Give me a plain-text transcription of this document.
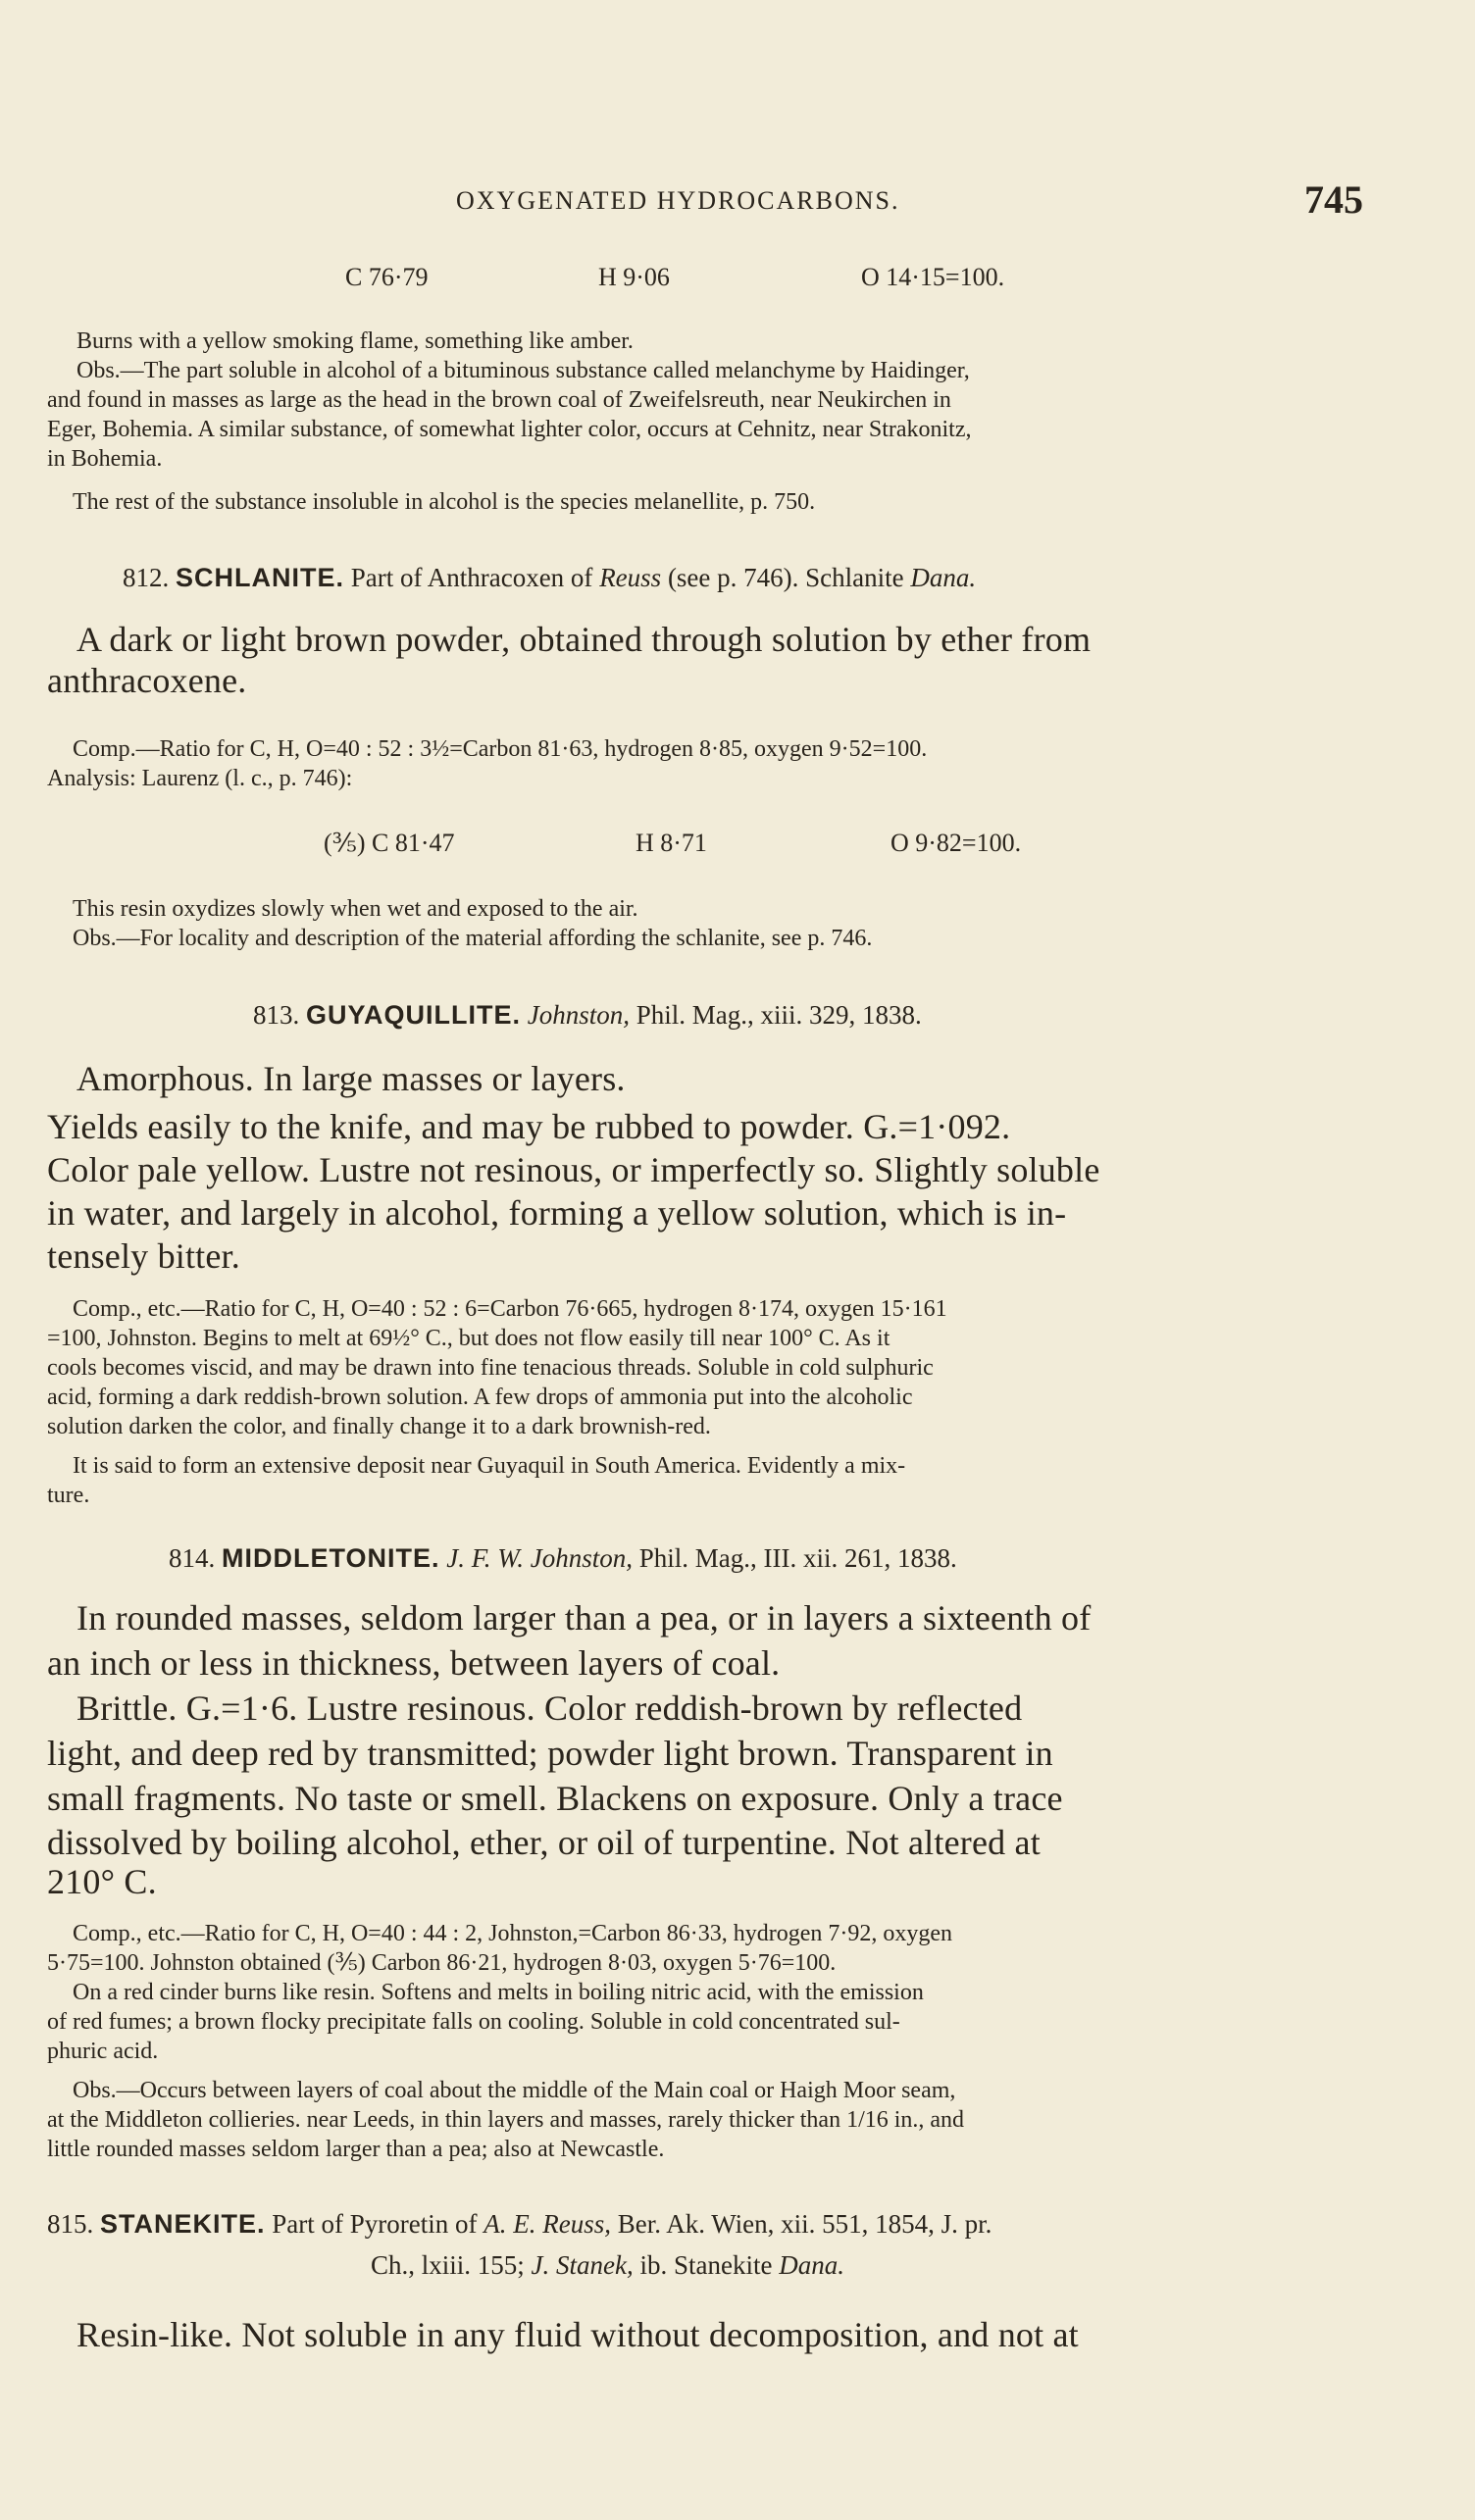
OXYGENATED HYDROCARBONS.	745
C 76·79	H 9·06	O 14·15=100.
Burns with a yellow smoking flame, something like amber.
Obs.—The part soluble in alcohol of a bituminous substance called melanchyme by Haidinger,
and found in masses as large as the head in the brown coal of Zweifelsreuth, near Neukirchen in
Eger, Bohemia. A similar substance, of somewhat lighter color, occurs at Cehnitz, near Strakonitz,
in Bohemia.
The rest of the substance insoluble in alcohol is the species melanellite, p. 750.
812. SCHLANITE. Part of Anthracoxen of Reuss (see p. 746). Schlanite Dana.
A dark or light brown powder, obtained through solution by ether from
anthracoxene.
Comp.—Ratio for C, H, O=40 : 52 : 3½=Carbon 81·63, hydrogen 8·85, oxygen 9·52=100.
Analysis: Laurenz (l. c., p. 746):
(⅗) C 81·47	H 8·71	O 9·82=100.
This resin oxydizes slowly when wet and exposed to the air.
Obs.—For locality and description of the material affording the schlanite, see p. 746.
813. GUYAQUILLITE. Johnston, Phil. Mag., xiii. 329, 1838.
Amorphous. In large masses or layers.
Yields easily to the knife, and may be rubbed to powder. G.=1·092.
Color pale yellow. Lustre not resinous, or imperfectly so. Slightly soluble
in water, and largely in alcohol, forming a yellow solution, which is in-
tensely bitter.
Comp., etc.—Ratio for C, H, O=40 : 52 : 6=Carbon 76·665, hydrogen 8·174, oxygen 15·161
=100, Johnston. Begins to melt at 69½° C., but does not flow easily till near 100° C. As it
cools becomes viscid, and may be drawn into fine tenacious threads. Soluble in cold sulphuric
acid, forming a dark reddish-brown solution. A few drops of ammonia put into the alcoholic
solution darken the color, and finally change it to a dark brownish-red.
It is said to form an extensive deposit near Guyaquil in South America. Evidently a mix-
ture.
814. MIDDLETONITE. J. F. W. Johnston, Phil. Mag., III. xii. 261, 1838.
In rounded masses, seldom larger than a pea, or in layers a sixteenth of
an inch or less in thickness, between layers of coal.
Brittle. G.=1·6. Lustre resinous. Color reddish-brown by reflected
light, and deep red by transmitted; powder light brown. Transparent in
small fragments. No taste or smell. Blackens on exposure. Only a trace
dissolved by boiling alcohol, ether, or oil of turpentine. Not altered at
210° C.
Comp., etc.—Ratio for C, H, O=40 : 44 : 2, Johnston,=Carbon 86·33, hydrogen 7·92, oxygen
5·75=100. Johnston obtained (⅗) Carbon 86·21, hydrogen 8·03, oxygen 5·76=100.
On a red cinder burns like resin. Softens and melts in boiling nitric acid, with the emission
of red fumes; a brown flocky precipitate falls on cooling. Soluble in cold concentrated sul-
phuric acid.
Obs.—Occurs between layers of coal about the middle of the Main coal or Haigh Moor seam,
at the Middleton collieries. near Leeds, in thin layers and masses, rarely thicker than 1/16 in., and
little rounded masses seldom larger than a pea; also at Newcastle.
815. STANEKITE. Part of Pyroretin of A. E. Reuss, Ber. Ak. Wien, xii. 551, 1854, J. pr.
Ch., lxiii. 155; J. Stanek, ib. Stanekite Dana.
Resin-like. Not soluble in any fluid without decomposition, and not at
